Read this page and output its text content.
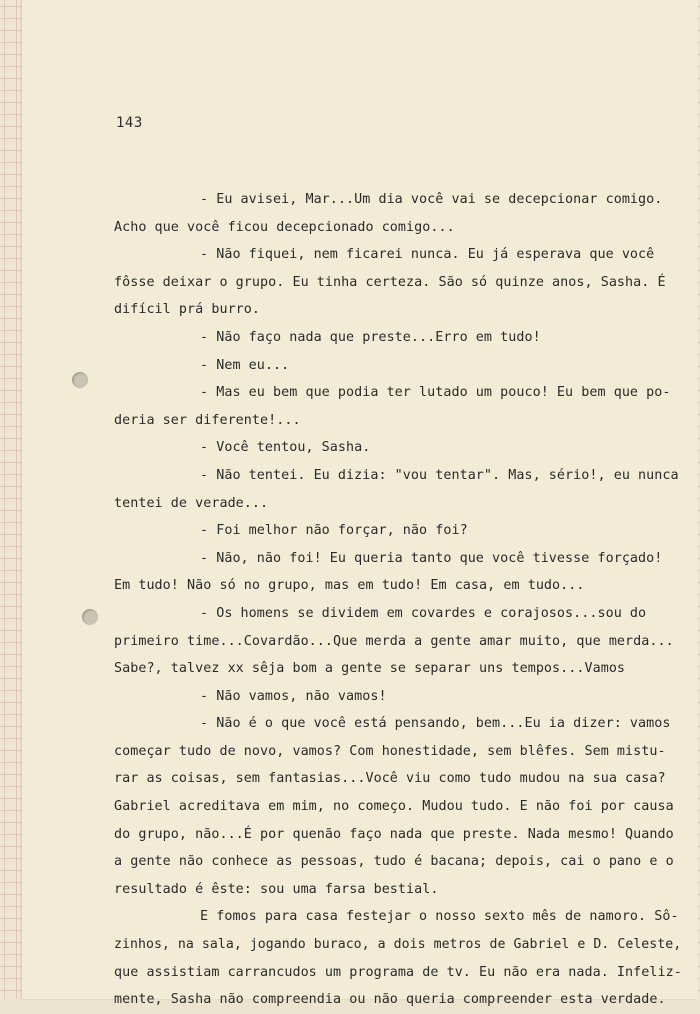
143
- Eu avisei, Mar...Um dia você vai se decepcionar comigo.
Acho que você ficou decepcionado comigo...
- Não fiquei, nem ficarei nunca. Eu já esperava que você
fôsse deixar o grupo. Eu tinha certeza. São só quinze anos, Sasha. É
difícil prá burro.
- Não faço nada que preste...Erro em tudo!
- Nem eu...
- Mas eu bem que podia ter lutado um pouco! Eu bem que po-
deria ser diferente!...
- Você tentou, Sasha.
- Não tentei. Eu dizia: "vou tentar". Mas, sério!, eu nunca
tentei de verade...
- Foi melhor não forçar, não foi?
- Não, não foi! Eu queria tanto que você tivesse forçado!
Em tudo! Não só no grupo, mas em tudo! Em casa, em tudo...
- Os homens se dividem em covardes e corajosos...sou do
primeiro time...Covardão...Que merda a gente amar muito, que merda...
Sabe?, talvez xx sêja bom a gente se separar uns tempos...Vamos
- Não vamos, não vamos!
- Não é o que você está pensando, bem...Eu ia dizer: vamos
começar tudo de novo, vamos? Com honestidade, sem blêfes. Sem mistu-
rar as coisas, sem fantasias...Você viu como tudo mudou na sua casa?
Gabriel acreditava em mim, no começo. Mudou tudo. E não foi por causa
do grupo, não...É por quenão faço nada que preste. Nada mesmo! Quando
a gente não conhece as pessoas, tudo é bacana; depois, cai o pano e o
resultado é êste: sou uma farsa bestial.
E fomos para casa festejar o nosso sexto mês de namoro. Sô-
zinhos, na sala, jogando buraco, a dois metros de Gabriel e D. Celeste,
que assistiam carrancudos um programa de tv. Eu não era nada. Infeliz-
mente, Sasha não compreendia ou não queria compreender esta verdade.
